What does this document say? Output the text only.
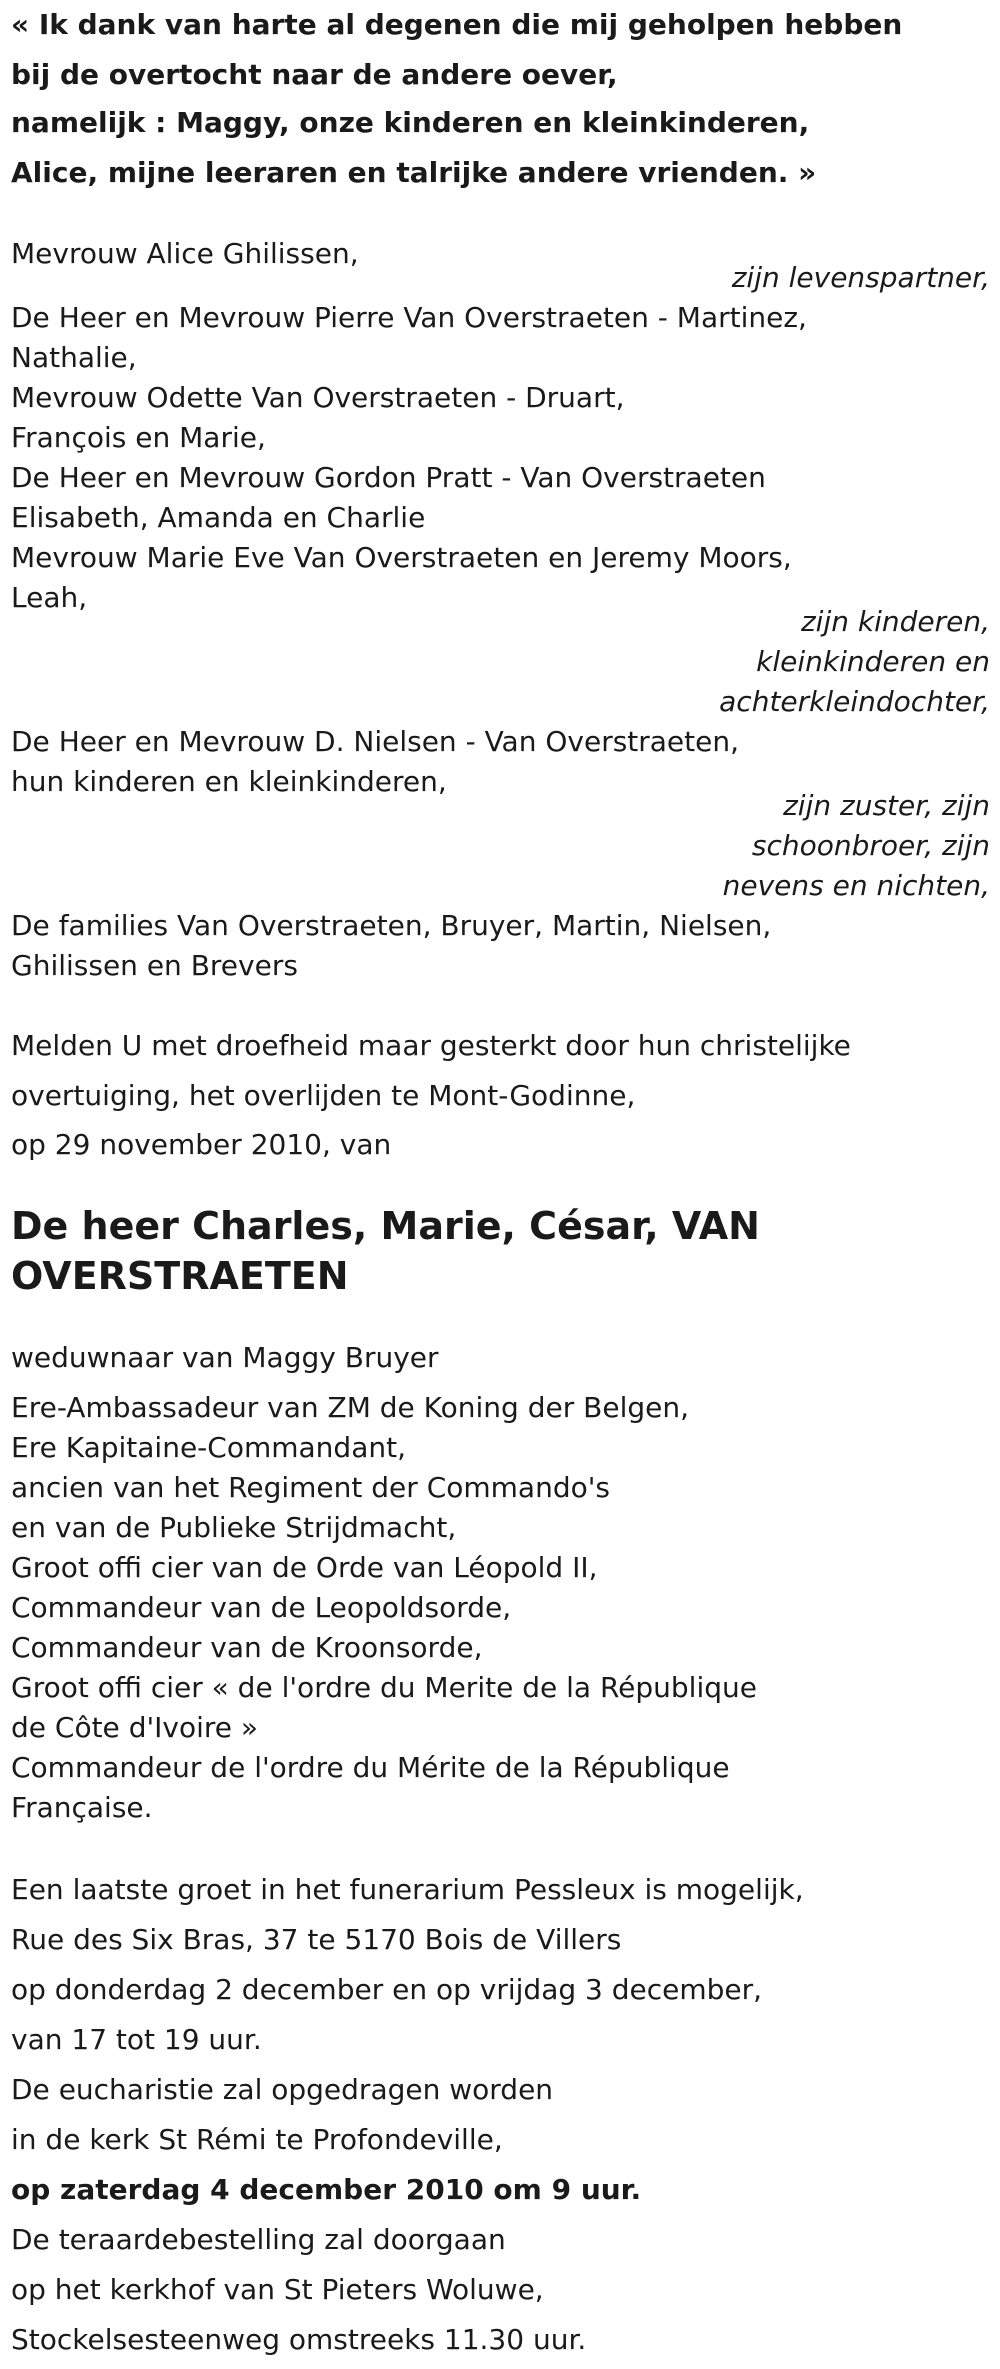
« Ik dank van harte al degenen die mij geholpen hebben
bij de overtocht naar de andere oever,
namelijk : Maggy, onze kinderen en kleinkinderen,
Alice, mijne leeraren en talrijke andere vrienden. »
Mevrouw Alice Ghilissen,
zijn levenspartner,
De Heer en Mevrouw Pierre Van Overstraeten - Martinez,
Nathalie,
Mevrouw Odette Van Overstraeten - Druart,
François en Marie,
De Heer en Mevrouw Gordon Pratt - Van Overstraeten
Elisabeth, Amanda en Charlie
Mevrouw Marie Eve Van Overstraeten en Jeremy Moors,
Leah,
zijn kinderen,
kleinkinderen en
achterkleindochter,
De Heer en Mevrouw D. Nielsen - Van Overstraeten,
hun kinderen en kleinkinderen,
zijn zuster, zijn
schoonbroer, zijn
nevens en nichten,
De families Van Overstraeten, Bruyer, Martin, Nielsen,
Ghilissen en Brevers
Melden U met droefheid maar gesterkt door hun christelijke
overtuiging, het overlijden te Mont-Godinne,
op 29 november 2010, van
De heer Charles, Marie, César, VAN
OVERSTRAETEN
weduwnaar van Maggy Bruyer
Ere-Ambassadeur van ZM de Koning der Belgen,
Ere Kapitaine-Commandant,
ancien van het Regiment der Commando's
en van de Publieke Strijdmacht,
Groot offi cier van de Orde van Léopold II,
Commandeur van de Leopoldsorde,
Commandeur van de Kroonsorde,
Groot offi cier « de l'ordre du Merite de la République
de Côte d'Ivoire »
Commandeur de l'ordre du Mérite de la République
Française.
Een laatste groet in het funerarium Pessleux is mogelijk,
Rue des Six Bras, 37 te 5170 Bois de Villers
op donderdag 2 december en op vrijdag 3 december,
van 17 tot 19 uur.
De eucharistie zal opgedragen worden
in de kerk St Rémi te Profondeville,
op zaterdag 4 december 2010 om 9 uur.
De teraardebestelling zal doorgaan
op het kerkhof van St Pieters Woluwe,
Stockelsesteenweg omstreeks 11.30 uur.
